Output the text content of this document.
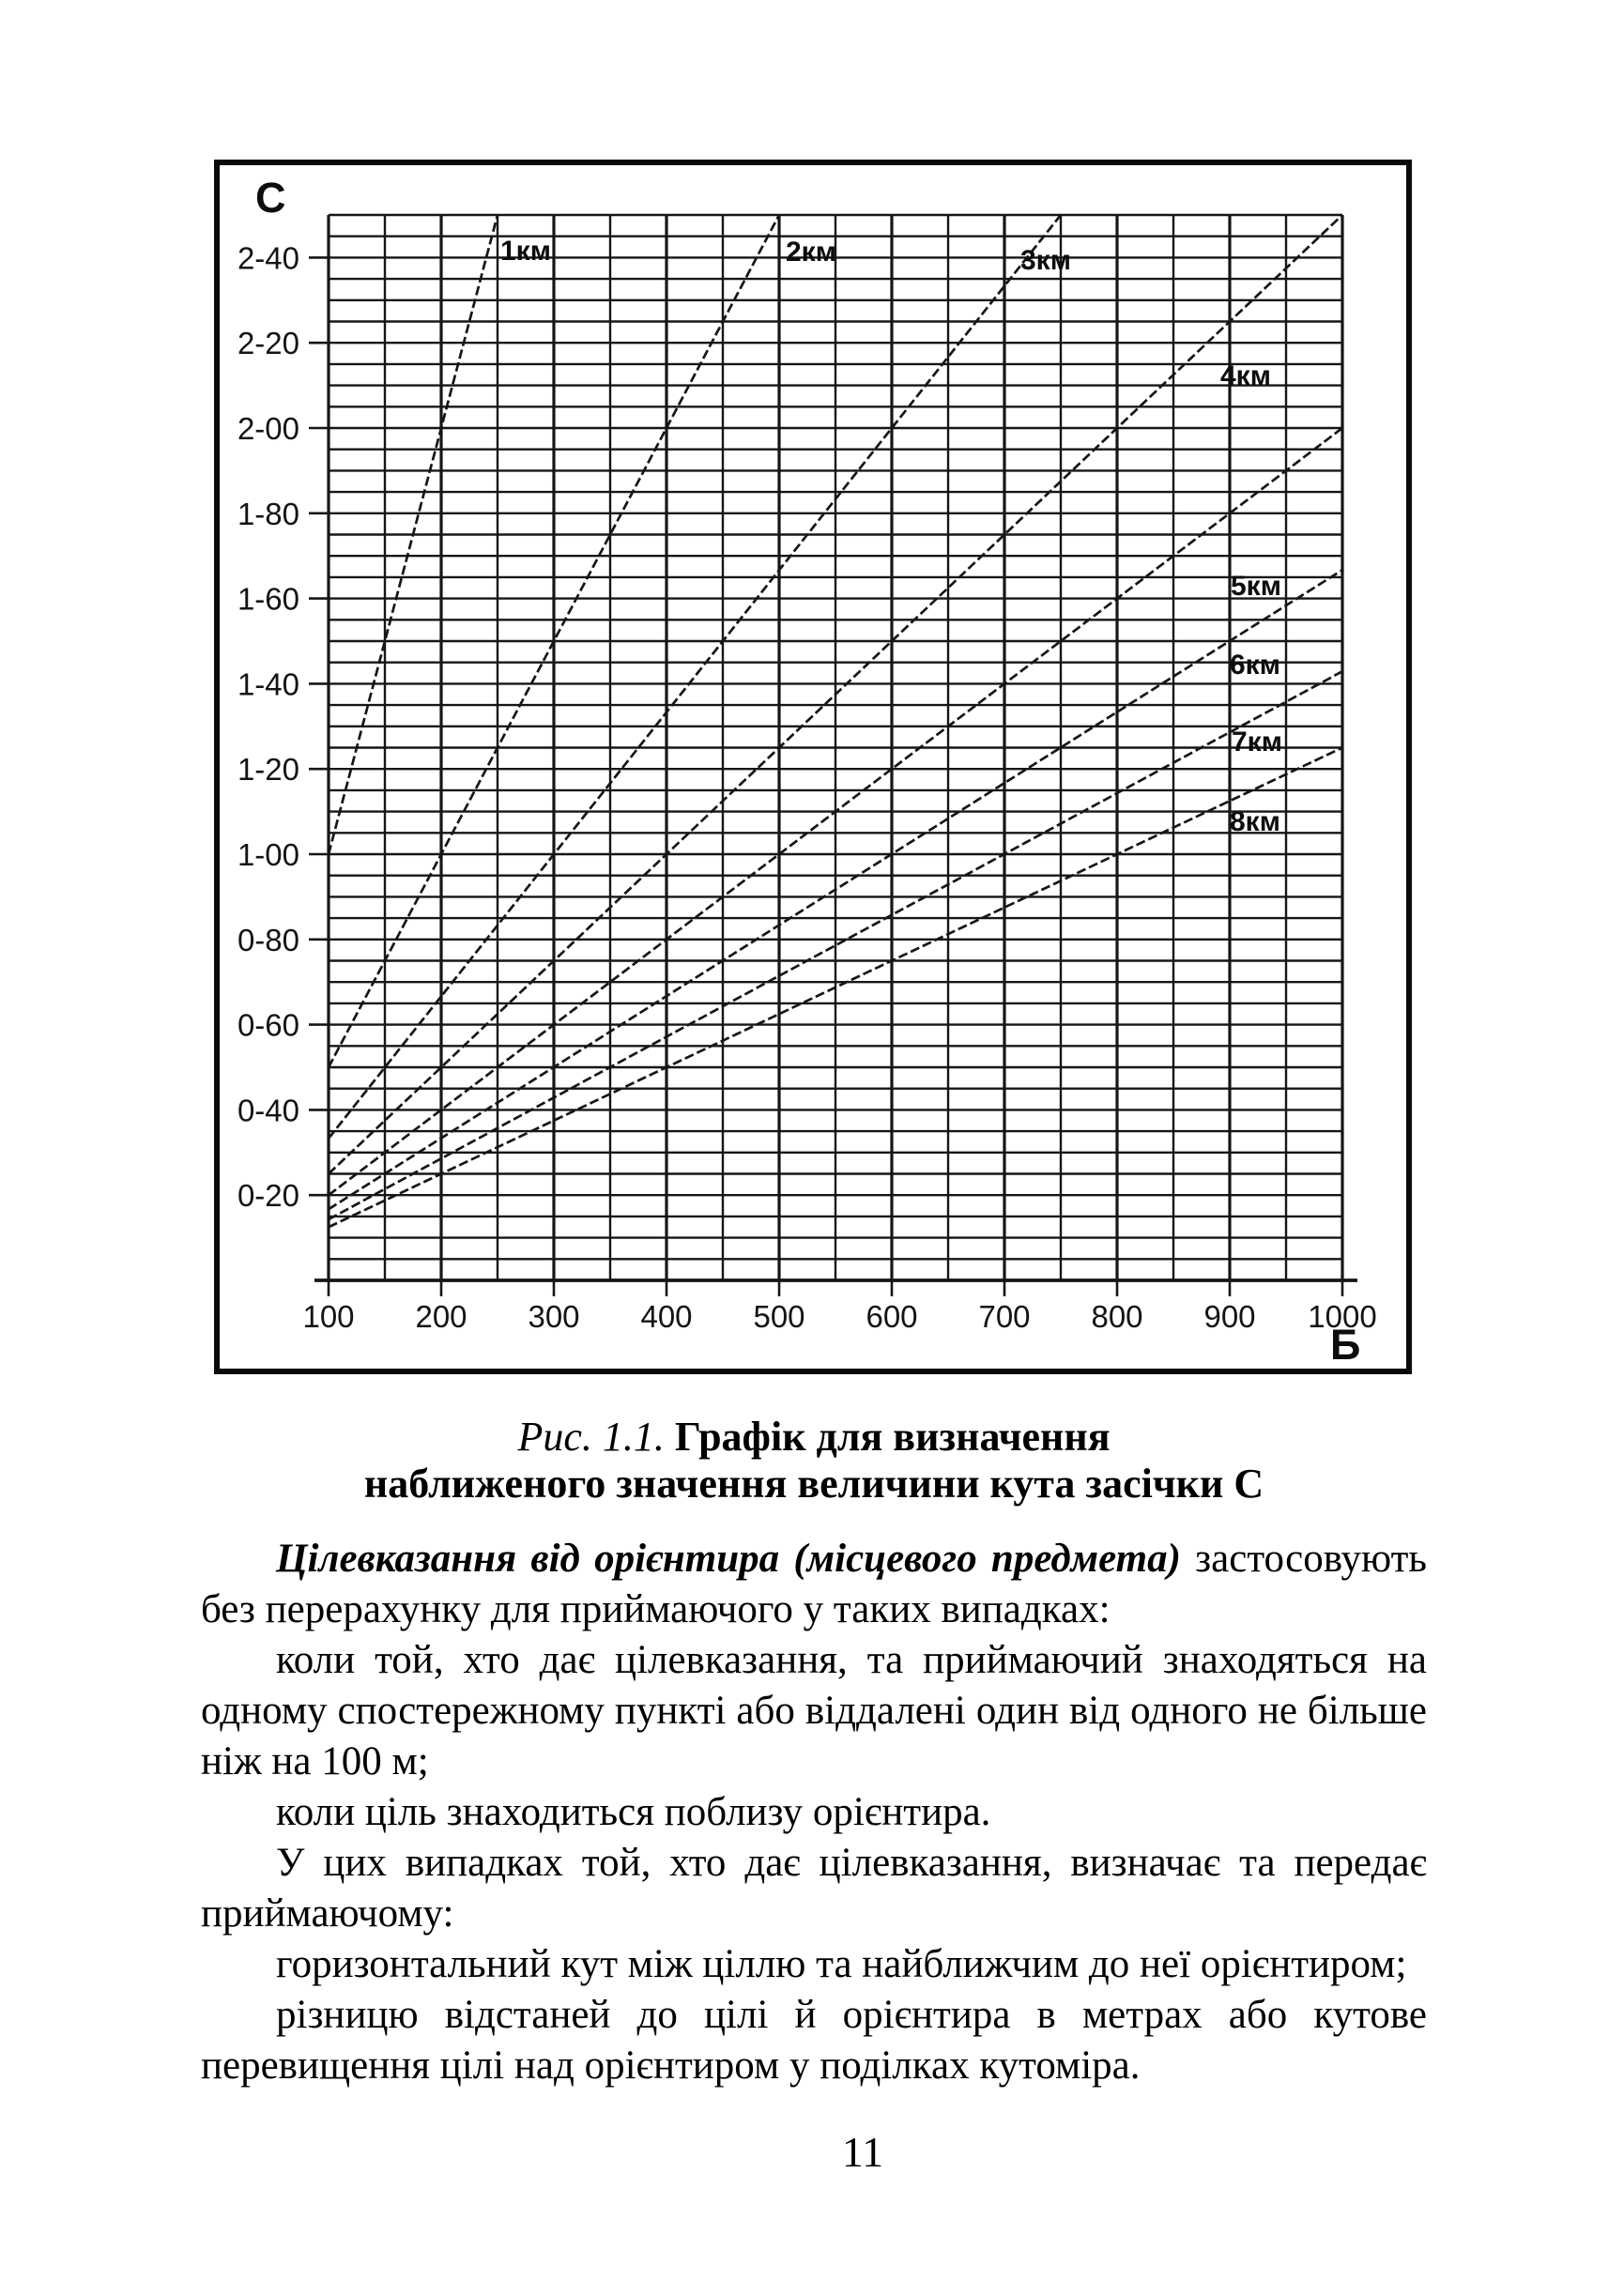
100 200 300 400 500 600 700 800 900 1000
0-20
0-40
0-60
0-80
1-00
1-20
1-40
1-60
1-80
2-00
2-20
2-40
С
Б
1км	2км	3км
4км
5км
6км
7км
8км
Рис. 1.1. Графік для визначення
наближеного значення величини кута засічки С

Цілевказання від орієнтира (місцевого предмета) застосовують без перерахунку для приймаючого у таких випадках:

коли той, хто дає цілевказання, та приймаючий знаходяться на одному спостережному пункті або віддалені один від одного не більше ніж на 100 м;

коли ціль знаходиться поблизу орієнтира.

У цих випадках той, хто дає цілевказання, визначає та передає приймаючому:

горизонтальний кут між ціллю та найближчим до неї орієнтиром;

різницю відстаней до цілі й орієнтира в метрах або кутове перевищення цілі над орієнтиром у поділках кутоміра.

11
